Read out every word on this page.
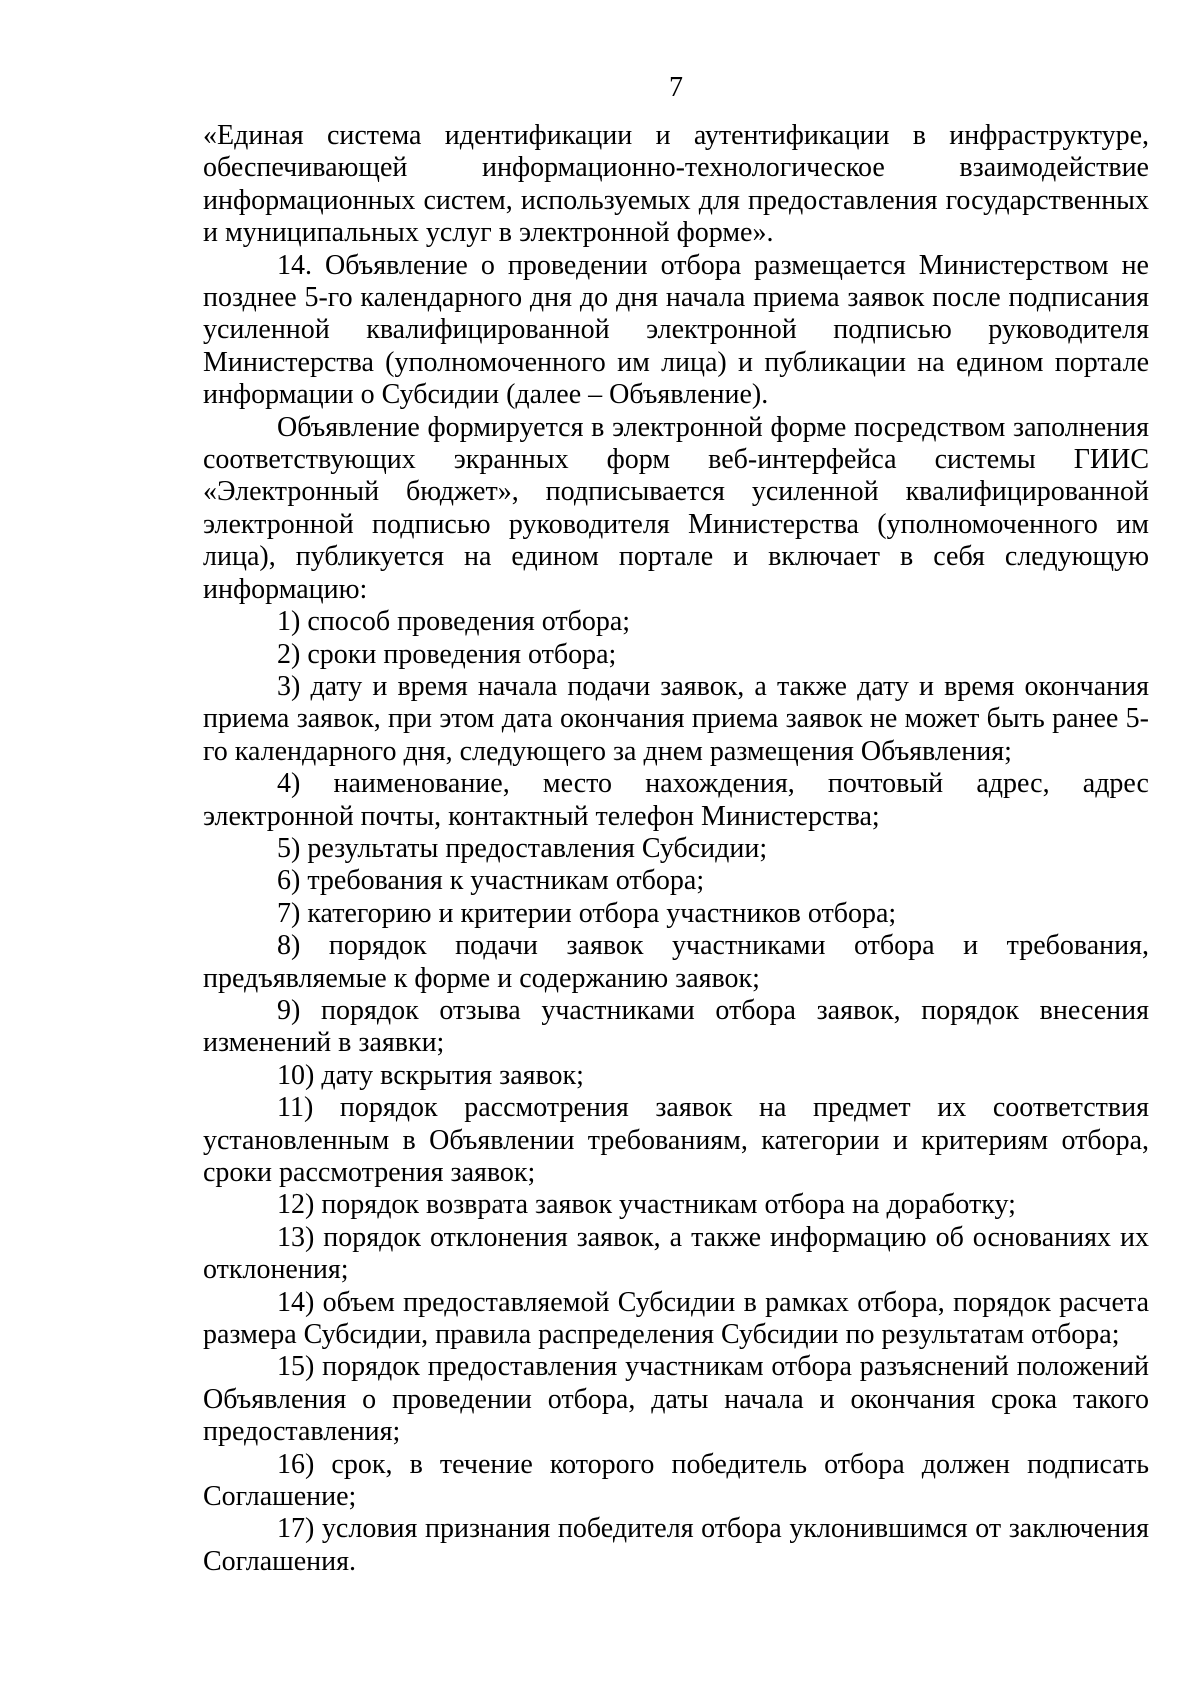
7

«Единая система идентификации и аутентификации в инфраструктуре, обеспечивающей информационно-технологическое взаимодействие информационных систем, используемых для предоставления государственных и муниципальных услуг в электронной форме».

14. Объявление о проведении отбора размещается Министерством не позднее 5-го календарного дня до дня начала приема заявок после подписания усиленной квалифицированной электронной подписью руководителя Министерства (уполномоченного им лица) и публикации на едином портале информации о Субсидии (далее – Объявление).

Объявление формируется в электронной форме посредством заполнения соответствующих экранных форм веб-интерфейса системы ГИИС «Электронный бюджет», подписывается усиленной квалифицированной электронной подписью руководителя Министерства (уполномоченного им лица), публикуется на едином портале и включает в себя следующую информацию:

1) способ проведения отбора;

2) сроки проведения отбора;

3) дату и время начала подачи заявок, а также дату и время окончания приема заявок, при этом дата окончания приема заявок не может быть ранее 5-го календарного дня, следующего за днем размещения Объявления;

4) наименование, место нахождения, почтовый адрес, адрес электронной почты, контактный телефон Министерства;

5) результаты предоставления Субсидии;

6) требования к участникам отбора;

7) категорию и критерии отбора участников отбора;

8) порядок подачи заявок участниками отбора и требования, предъявляемые к форме и содержанию заявок;

9) порядок отзыва участниками отбора заявок, порядок внесения изменений в заявки;

10) дату вскрытия заявок;

11) порядок рассмотрения заявок на предмет их соответствия установленным в Объявлении требованиям, категории и критериям отбора, сроки рассмотрения заявок;

12) порядок возврата заявок участникам отбора на доработку;

13) порядок отклонения заявок, а также информацию об основаниях их отклонения;

14) объем предоставляемой Субсидии в рамках отбора, порядок расчета размера Субсидии, правила распределения Субсидии по результатам отбора;

15) порядок предоставления участникам отбора разъяснений положений Объявления о проведении отбора, даты начала и окончания срока такого предоставления;

16) срок, в течение которого победитель отбора должен подписать Соглашение;

17) условия признания победителя отбора уклонившимся от заключения Соглашения.
